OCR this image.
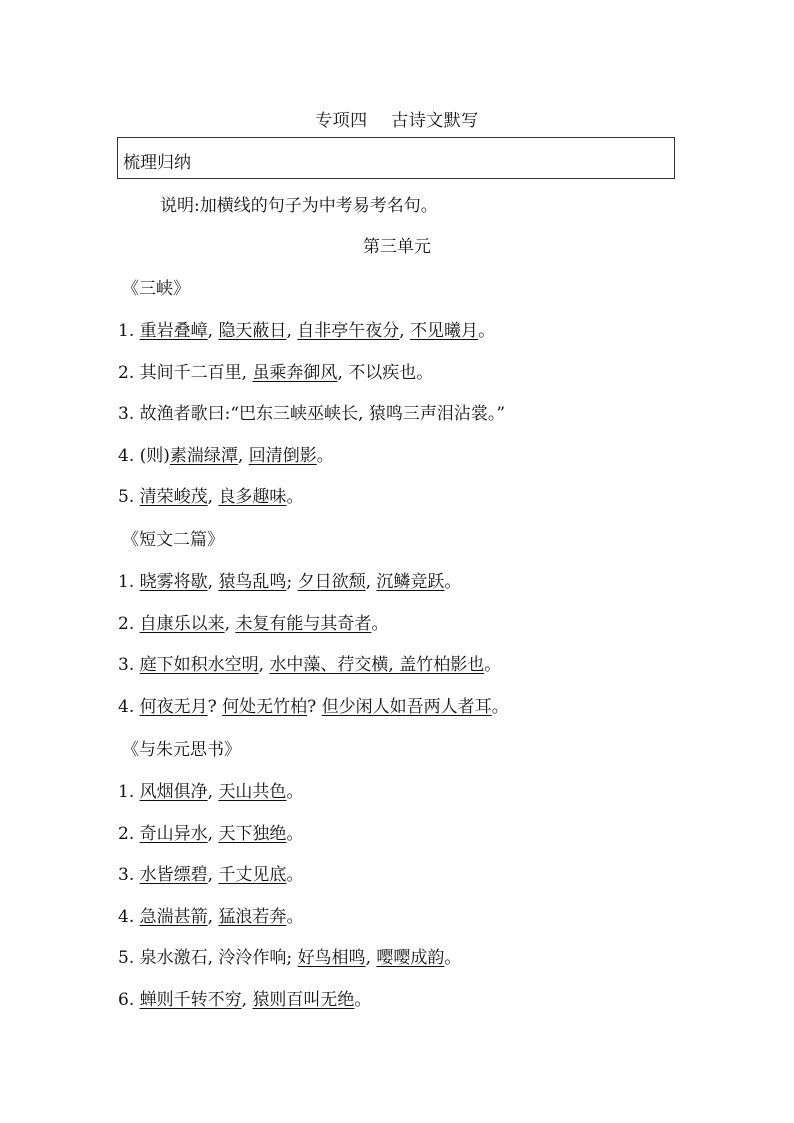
专项四    古诗文默写
梳理归纳
说明:加横线的句子为中考易考名句。
第三单元
《三峡》
1. 重岩叠嶂, 隐天蔽日, 自非亭午夜分, 不见曦月。
2. 其间千二百里, 虽乘奔御风, 不以疾也。
3. 故渔者歌曰:“巴东三峡巫峡长, 猿鸣三声泪沾裳。”
4. (则)素湍绿潭, 回清倒影。
5. 清荣峻茂, 良多趣味。
《短文二篇》
1. 晓雾将歇, 猿鸟乱鸣; 夕日欲颓, 沉鳞竞跃。
2. 自康乐以来, 未复有能与其奇者。
3. 庭下如积水空明, 水中藻、荇交横, 盖竹柏影也。
4. 何夜无月? 何处无竹柏? 但少闲人如吾两人者耳。
《与朱元思书》
1. 风烟俱净, 天山共色。
2. 奇山异水, 天下独绝。
3. 水皆缥碧, 千丈见底。
4. 急湍甚箭, 猛浪若奔。
5. 泉水激石, 泠泠作响; 好鸟相鸣, 嘤嘤成韵。
6. 蝉则千转不穷, 猿则百叫无绝。
